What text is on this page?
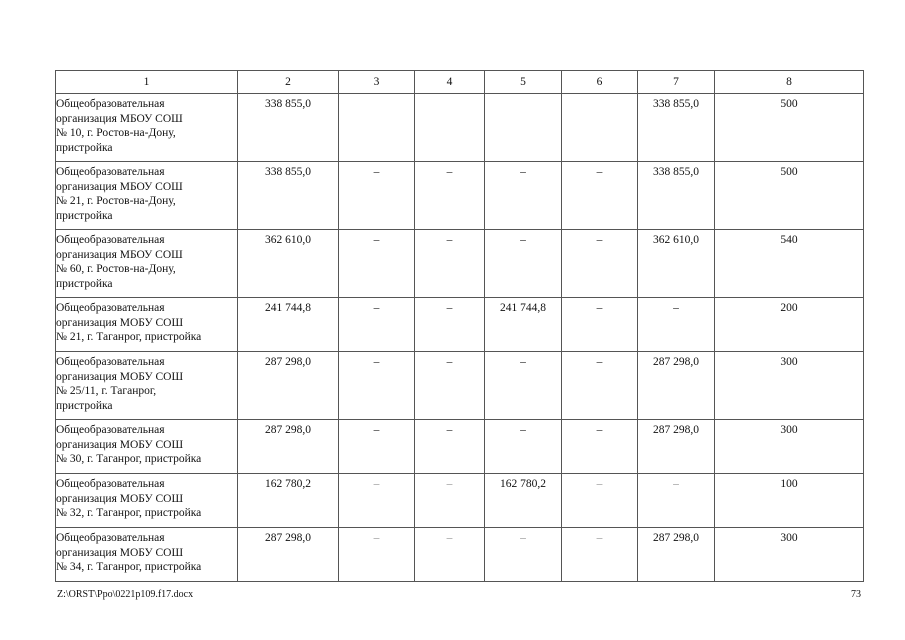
1	2	3	4	5	6	7	8

Общеобразовательная
организация МБОУ СОШ
№ 10, г. Ростов-на-Дону,
пристройка	338 855,0					338 855,0	500

Общеобразовательная
организация МБОУ СОШ
№ 21, г. Ростов-на-Дону,
пристройка	338 855,0	–	–	–	–	338 855,0	500

Общеобразовательная
организация МБОУ СОШ
№ 60, г. Ростов-на-Дону,
пристройка	362 610,0	–	–	–	–	362 610,0	540

Общеобразовательная
организация МОБУ СОШ
№ 21, г. Таганрог, пристройка	241 744,8	–	–	241 744,8	–	–	200

Общеобразовательная
организация МОБУ СОШ
№ 25/11, г. Таганрог,
пристройка	287 298,0	–	–	–	–	287 298,0	300

Общеобразовательная
организация МОБУ СОШ
№ 30, г. Таганрог, пристройка	287 298,0	–	–	–	–	287 298,0	300

Общеобразовательная
организация МОБУ СОШ
№ 32, г. Таганрог, пристройка	162 780,2	–	–	162 780,2	–	–	100

Общеобразовательная
организация МОБУ СОШ
№ 34, г. Таганрог, пристройка	287 298,0	–	–	–	–	287 298,0	300
Z:\ORST\Ppo\0221p109.f17.docx	73
